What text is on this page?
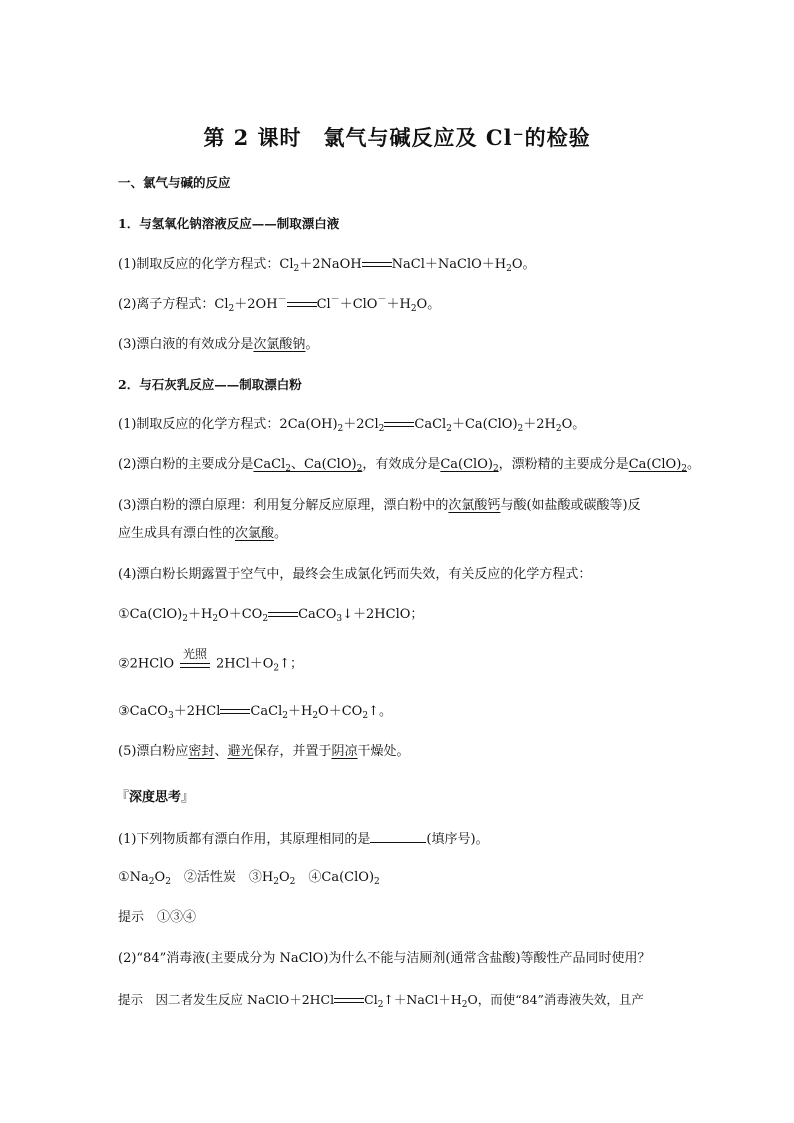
第 2 课时　氯气与碱反应及 Cl⁻的检验
一、氯气与碱的反应
1．与氢氧化钠溶液反应——制取漂白液
(1)制取反应的化学方程式：$Cl_2+2NaOH$ $NaCl+NaClO+H_2O$。
(2)离子方程式：$Cl_2+2OH^-$ $Cl^-+ClO^-+H_2O$。
(3)漂白液的有效成分是次氯酸钠。
2．与石灰乳反应——制取漂白粉
(1)制取反应的化学方程式：$2Ca(OH)_2+2Cl_2$ $CaCl_2+Ca(ClO)_2+2H_2O$。
(2)漂白粉的主要成分是CaCl$_2$、$Ca(ClO)_2$，有效成分是$Ca(ClO)_2$，漂粉精的主要成分是$Ca(ClO)_2$。
(3)漂白粉的漂白原理：利用复分解反应原理，漂白粉中的次氯酸钙与酸(如盐酸或碳酸等)反
应生成具有漂白性的次氯酸。
(4)漂白粉长期露置于空气中，最终会生成氯化钙而失效，有关反应的化学方程式：
$①Ca(ClO)_2+H_2O+CO_2$ CaCO$_3$↓＋2HClO；
②2HClO
光照
$2HCl+O_2↑$；
③CaCO$_3$＋2HCl $CaCl_2+H_2O+CO_2↑$。
(5)漂白粉应密封、避光保存，并置于阴凉干燥处。
『深度思考』
(1)下列物质都有漂白作用，其原理相同的是	(填序号)。
$①Na_2O_2$　②活性炭　$③H_2O_2$　$④Ca(ClO)_2$
提示　 ①③④
(2)“84”消毒液(主要成分为 NaClO)为什么不能与洁厕剂(通常含盐酸)等酸性产品同时使用？
提示　 因二者发生反应 NaClO＋2HCl $Cl_2↑+NaCl+H_2O$，而使“84”消毒液失效，且产
